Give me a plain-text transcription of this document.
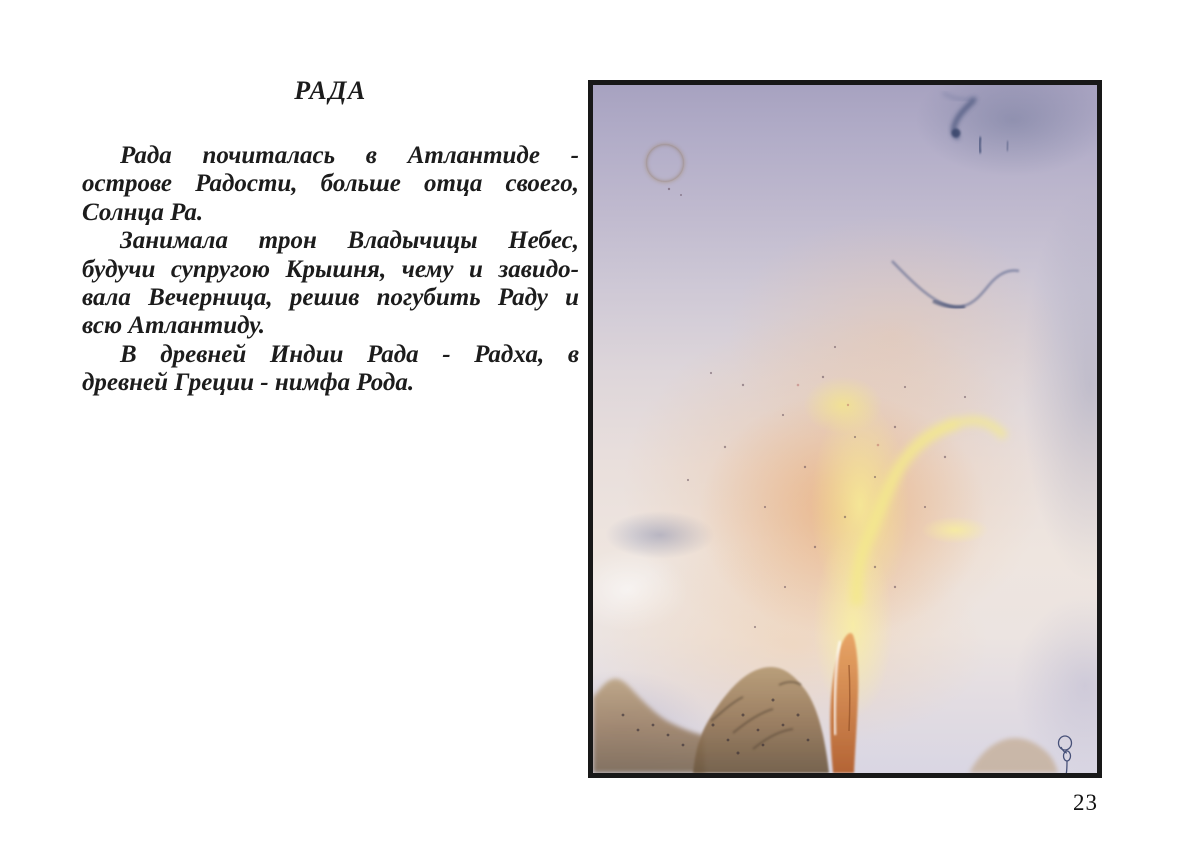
РАДА
Рада почиталась в Атлантиде -
острове Радости, больше отца своего,
Солнца Ра.
Занимала трон Владычицы Небес,
будучи супругою Крышня, чему и завидо-
вала Вечерница, решив погубить Раду и
всю Атлантиду.
В древней Индии Рада - Радха, в
древней Греции - нимфа Рода.
23
